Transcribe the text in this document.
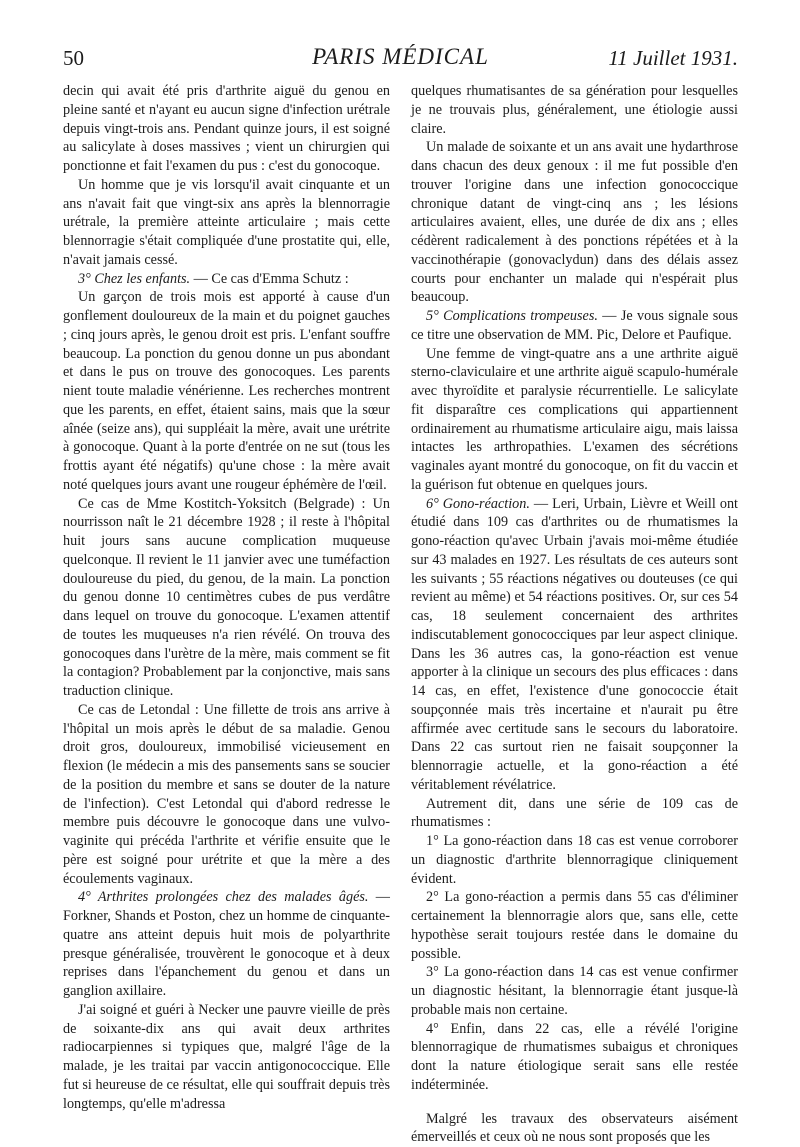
50	PARIS MÉDICAL	11 Juillet 1931.

decin qui avait été pris d'arthrite aiguë du genou en pleine santé et n'ayant eu aucun signe d'infection urétrale depuis vingt-trois ans. Pendant quinze jours, il est soigné au salicylate à doses massives ; vient un chirurgien qui ponctionne et fait l'examen du pus : c'est du gonocoque.

Un homme que je vis lorsqu'il avait cinquante et un ans n'avait fait que vingt-six ans après la blennorragie urétrale, la première atteinte articulaire ; mais cette blennorragie s'était compliquée d'une prostatite qui, elle, n'avait jamais cessé.

3° Chez les enfants. — Ce cas d'Emma Schutz :

Un garçon de trois mois est apporté à cause d'un gonflement douloureux de la main et du poignet gauches ; cinq jours après, le genou droit est pris. L'enfant souffre beaucoup. La ponction du genou donne un pus abondant et dans le pus on trouve des gonocoques. Les parents nient toute maladie vénérienne. Les recherches montrent que les parents, en effet, étaient sains, mais que la sœur aînée (seize ans), qui suppléait la mère, avait une urétrite à gonocoque. Quant à la porte d'entrée on ne sut (tous les frottis ayant été négatifs) qu'une chose : la mère avait noté quelques jours avant une rougeur éphémère de l'œil.

Ce cas de Mme Kostitch-Yoksitch (Belgrade) : Un nourrisson naît le 21 décembre 1928 ; il reste à l'hôpital huit jours sans aucune complication muqueuse quelconque. Il revient le 11 janvier avec une tuméfaction douloureuse du pied, du genou, de la main. La ponction du genou donne 10 centimètres cubes de pus verdâtre dans lequel on trouve du gonocoque. L'examen attentif de toutes les muqueuses n'a rien révélé. On trouva des gonocoques dans l'urètre de la mère, mais comment se fit la contagion? Probablement par la conjonctive, mais sans traduction clinique.

Ce cas de Letondal : Une fillette de trois ans arrive à l'hôpital un mois après le début de sa maladie. Genou droit gros, douloureux, immobilisé vicieusement en flexion (le médecin a mis des pansements sans se soucier de la position du membre et sans se douter de la nature de l'infection). C'est Letondal qui d'abord redresse le membre puis découvre le gonocoque dans une vulvo-vaginite qui précéda l'arthrite et vérifie ensuite que le père est soigné pour urétrite et que la mère a des écoulements vaginaux.

4° Arthrites prolongées chez des malades âgés. — Forkner, Shands et Poston, chez un homme de cinquante-quatre ans atteint depuis huit mois de polyarthrite presque généralisée, trouvèrent le gonocoque et à deux reprises dans l'épanchement du genou et dans un ganglion axillaire.

J'ai soigné et guéri à Necker une pauvre vieille de près de soixante-dix ans qui avait deux arthrites radiocarpiennes si typiques que, malgré l'âge de la malade, je les traitai par vaccin antigonococcique. Elle fut si heureuse de ce résultat, elle qui souffrait depuis très longtemps, qu'elle m'adressa

quelques rhumatisantes de sa génération pour lesquelles je ne trouvais plus, généralement, une étiologie aussi claire.

Un malade de soixante et un ans avait une hydarthrose dans chacun des deux genoux : il me fut possible d'en trouver l'origine dans une infection gonococcique chronique datant de vingt-cinq ans ; les lésions articulaires avaient, elles, une durée de dix ans ; elles cédèrent radicalement à des ponctions répétées et à la vaccinothérapie (gonovaclydun) dans des délais assez courts pour enchanter un malade qui n'espérait plus beaucoup.

5° Complications trompeuses. — Je vous signale sous ce titre une observation de MM. Pic, Delore et Paufique.

Une femme de vingt-quatre ans a une arthrite aiguë sterno-claviculaire et une arthrite aiguë scapulo-humérale avec thyroïdite et paralysie récurrentielle. Le salicylate fit disparaître ces complications qui appartiennent ordinairement au rhumatisme articulaire aigu, mais laissa intactes les arthropathies. L'examen des sécrétions vaginales ayant montré du gonocoque, on fit du vaccin et la guérison fut obtenue en quelques jours.

6° Gono-réaction. — Leri, Urbain, Lièvre et Weill ont étudié dans 109 cas d'arthrites ou de rhumatismes la gono-réaction qu'avec Urbain j'avais moi-même étudiée sur 43 malades en 1927. Les résultats de ces auteurs sont les suivants ; 55 réactions négatives ou douteuses (ce qui revient au même) et 54 réactions positives. Or, sur ces 54 cas, 18 seulement concernaient des arthrites indiscutablement gonococciques par leur aspect clinique. Dans les 36 autres cas, la gono-réaction est venue apporter à la clinique un secours des plus efficaces : dans 14 cas, en effet, l'existence d'une gonococcie était soupçonnée mais très incertaine et n'aurait pu être affirmée avec certitude sans le secours du laboratoire. Dans 22 cas surtout rien ne faisait soupçonner la blennorragie actuelle, et la gono-réaction a été véritablement révélatrice.

Autrement dit, dans une série de 109 cas de rhumatismes :

1° La gono-réaction dans 18 cas est venue corroborer un diagnostic d'arthrite blennorragique cliniquement évident.

2° La gono-réaction a permis dans 55 cas d'éliminer certainement la blennorragie alors que, sans elle, cette hypothèse serait toujours restée dans le domaine du possible.

3° La gono-réaction dans 14 cas est venue confirmer un diagnostic hésitant, la blennorragie étant jusque-là probable mais non certaine.

4° Enfin, dans 22 cas, elle a révélé l'origine blennorragique de rhumatismes subaigus et chroniques dont la nature étiologique serait sans elle restée indéterminée.

Malgré les travaux des observateurs aisément émerveillés et ceux où ne nous sont proposés que les
